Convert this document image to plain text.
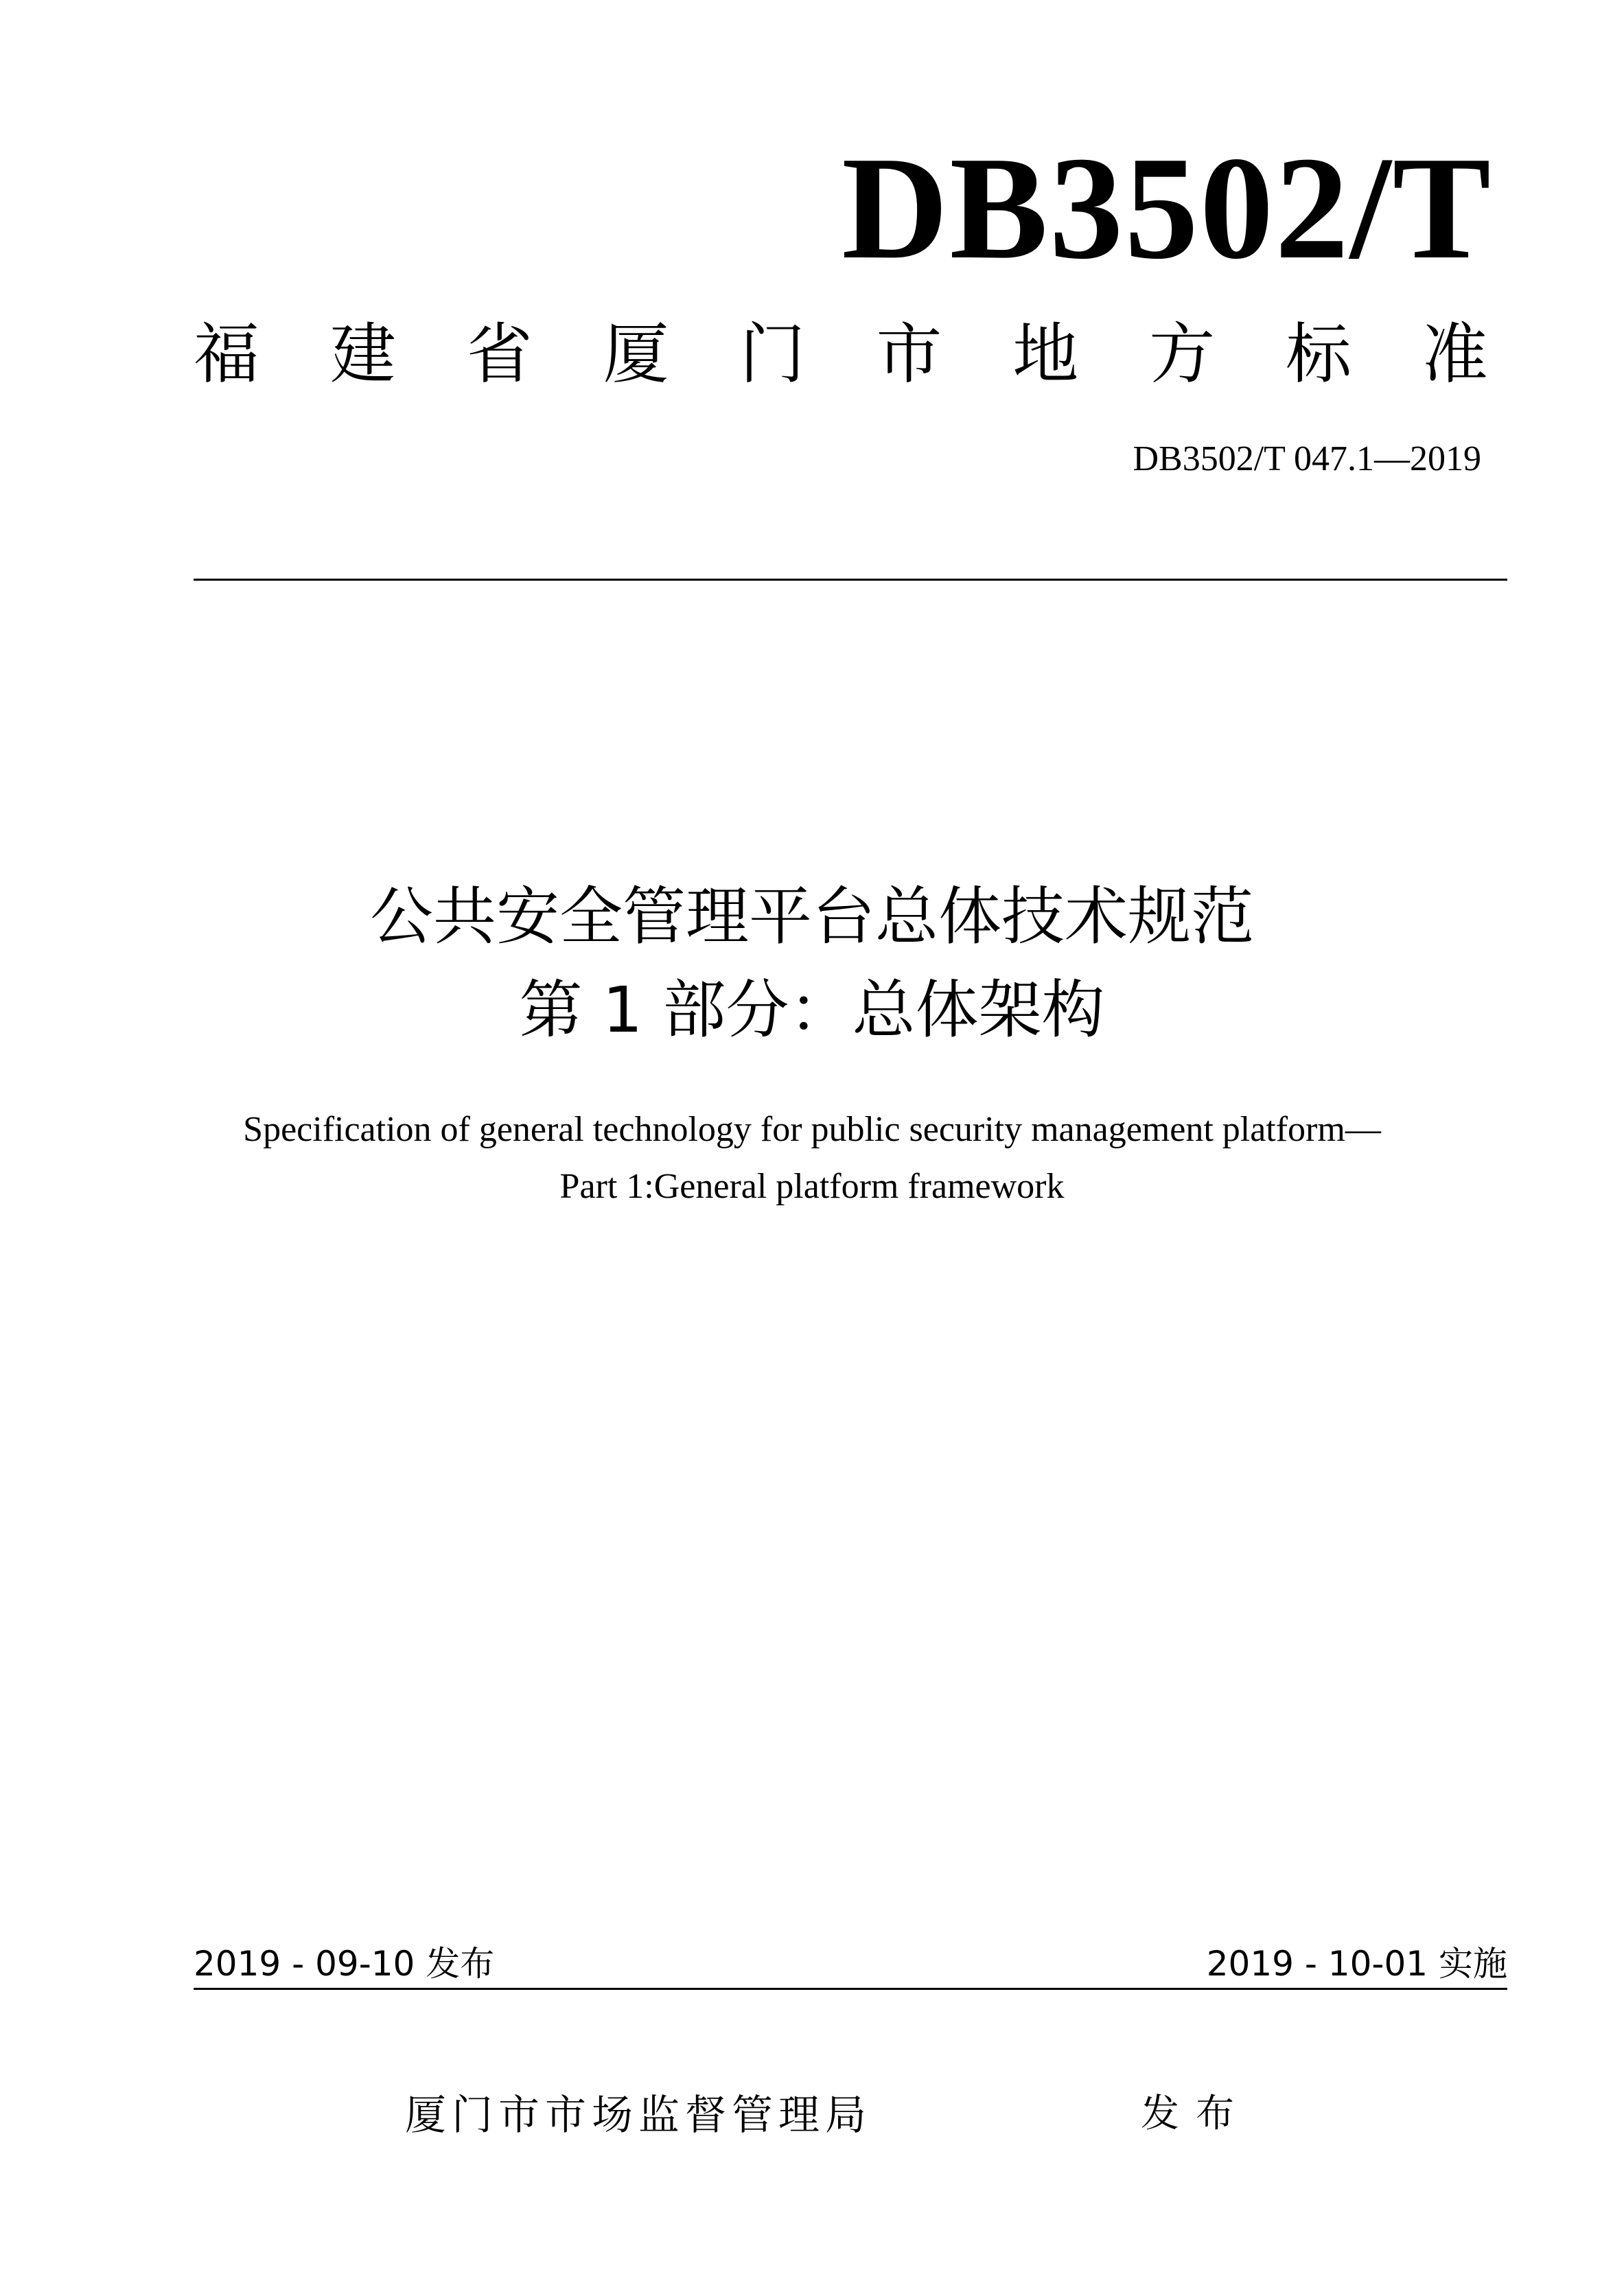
DB3502/T
福 建 省 厦 门 市 地 方 标 准
DB3502/T 047.1—2019
公共安全管理平台总体技术规范
第 1 部分：总体架构
Specification of general technology for public security management platform—
Part 1:General platform framework
2019 - 09-10 发布	2019 - 10-01 实施
厦门市市场监督管理局	发布
